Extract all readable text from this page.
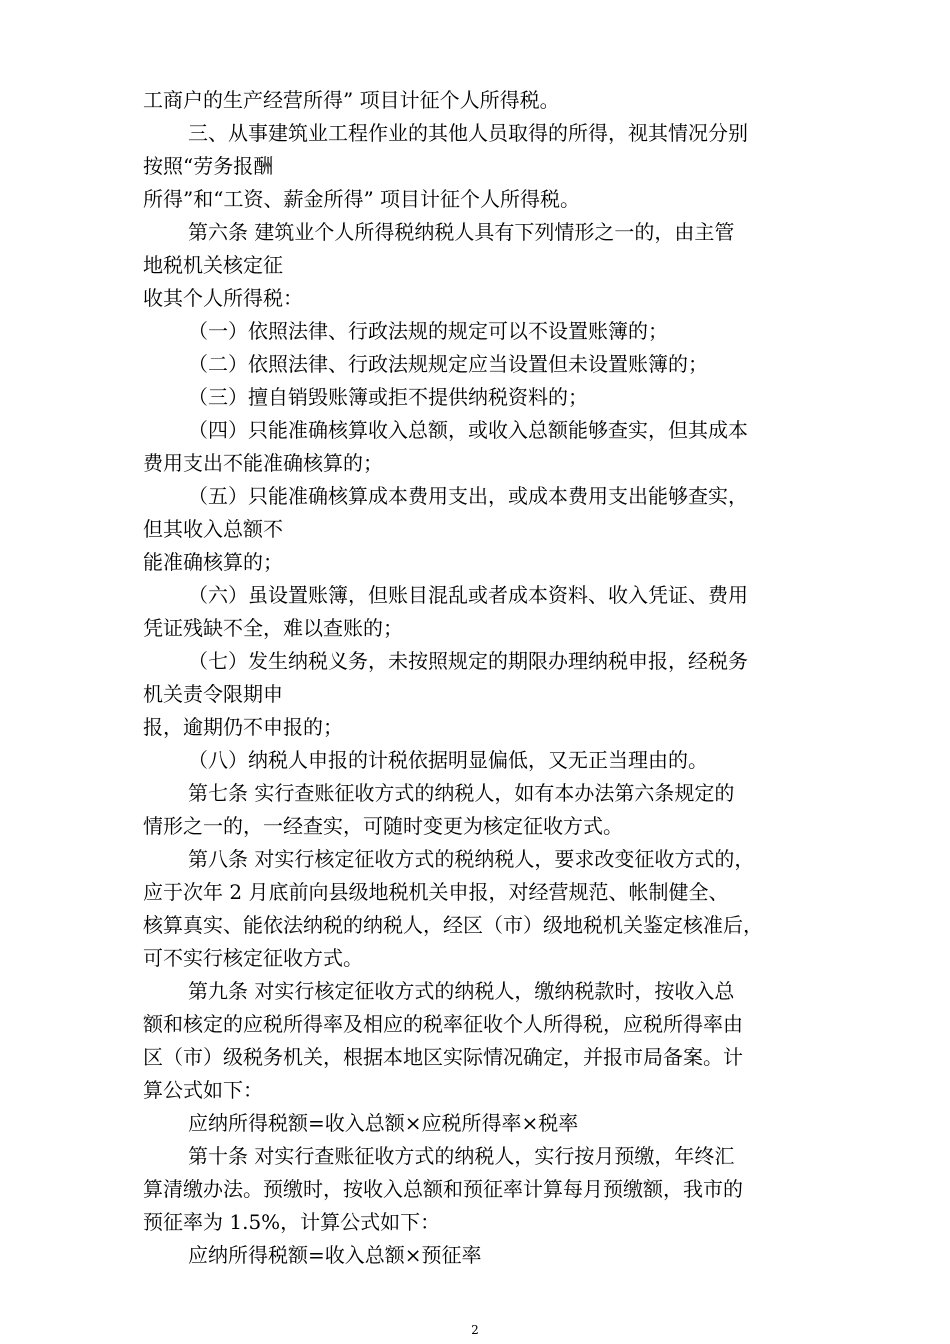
工商户的生产经营所得” 项目计征个人所得税。
三、从事建筑业工程作业的其他人员取得的所得，视其情况分别
按照“劳务报酬
所得”和“工资、薪金所得” 项目计征个人所得税。
第六条 建筑业个人所得税纳税人具有下列情形之一的，由主管
地税机关核定征
收其个人所得税：
（一）依照法律、行政法规的规定可以不设置账簿的；
（二）依照法律、行政法规规定应当设置但未设置账簿的；
（三）擅自销毁账簿或拒不提供纳税资料的；
（四）只能准确核算收入总额，或收入总额能够查实，但其成本
费用支出不能准确核算的；
（五）只能准确核算成本费用支出，或成本费用支出能够查实，
但其收入总额不
能准确核算的；
（六）虽设置账簿，但账目混乱或者成本资料、收入凭证、费用
凭证残缺不全，难以查账的；
（七）发生纳税义务，未按照规定的期限办理纳税申报，经税务
机关责令限期申
报，逾期仍不申报的；
（八）纳税人申报的计税依据明显偏低，又无正当理由的。
第七条 实行查账征收方式的纳税人，如有本办法第六条规定的
情形之一的，一经查实，可随时变更为核定征收方式。
第八条 对实行核定征收方式的税纳税人，要求改变征收方式的，
应于次年 2 月底前向县级地税机关申报，对经营规范、帐制健全、
核算真实、能依法纳税的纳税人，经区（市）级地税机关鉴定核准后，
可不实行核定征收方式。
第九条 对实行核定征收方式的纳税人，缴纳税款时，按收入总
额和核定的应税所得率及相应的税率征收个人所得税，应税所得率由
区（市）级税务机关，根据本地区实际情况确定，并报市局备案。计
算公式如下：
应纳所得税额=收入总额×应税所得率×税率
第十条 对实行查账征收方式的纳税人，实行按月预缴，年终汇
算清缴办法。预缴时，按收入总额和预征率计算每月预缴额，我市的
预征率为 1.5%，计算公式如下：
应纳所得税额=收入总额×预征率
2
